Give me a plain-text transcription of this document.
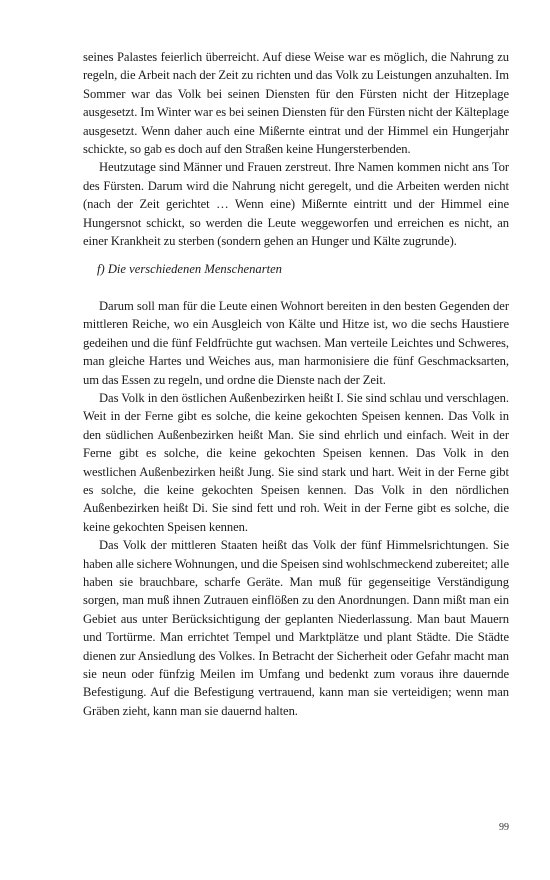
seines Palastes feierlich überreicht. Auf diese Weise war es möglich, die Nahrung zu regeln, die Arbeit nach der Zeit zu richten und das Volk zu Leistungen anzuhalten. Im Sommer war das Volk bei seinen Diensten für den Fürsten nicht der Hitzeplage ausgesetzt. Im Winter war es bei seinen Diensten für den Fürsten nicht der Kälteplage ausgesetzt. Wenn daher auch eine Mißernte eintrat und der Himmel ein Hungerjahr schickte, so gab es doch auf den Straßen keine Hungersterbenden.

Heutzutage sind Männer und Frauen zerstreut. Ihre Namen kommen nicht ans Tor des Fürsten. Darum wird die Nahrung nicht geregelt, und die Arbeiten werden nicht (nach der Zeit gerichtet … Wenn eine) Mißernte eintritt und der Himmel eine Hungersnot schickt, so werden die Leute weggeworfen und erreichen es nicht, an einer Krankheit zu sterben (sondern gehen an Hunger und Kälte zugrunde).

f) Die verschiedenen Menschenarten

Darum soll man für die Leute einen Wohnort bereiten in den besten Gegenden der mittleren Reiche, wo ein Ausgleich von Kälte und Hitze ist, wo die sechs Haustiere gedeihen und die fünf Feldfrüchte gut wachsen. Man verteile Leichtes und Schweres, man gleiche Hartes und Weiches aus, man harmonisiere die fünf Geschmacksarten, um das Essen zu regeln, und ordne die Dienste nach der Zeit.

Das Volk in den östlichen Außenbezirken heißt I. Sie sind schlau und verschlagen. Weit in der Ferne gibt es solche, die keine gekochten Speisen kennen. Das Volk in den südlichen Außenbezirken heißt Man. Sie sind ehrlich und einfach. Weit in der Ferne gibt es solche, die keine gekochten Speisen kennen. Das Volk in den westlichen Außenbezirken heißt Jung. Sie sind stark und hart. Weit in der Ferne gibt es solche, die keine gekochten Speisen kennen. Das Volk in den nördlichen Außenbezirken heißt Di. Sie sind fett und roh. Weit in der Ferne gibt es solche, die keine gekochten Speisen kennen.

Das Volk der mittleren Staaten heißt das Volk der fünf Himmelsrichtungen. Sie haben alle sichere Wohnungen, und die Speisen sind wohlschmeckend zubereitet; alle haben sie brauchbare, scharfe Geräte. Man muß für gegenseitige Verständigung sorgen, man muß ihnen Zutrauen einflößen zu den Anordnungen. Dann mißt man ein Gebiet aus unter Berücksichtigung der geplanten Niederlassung. Man baut Mauern und Tortürme. Man errichtet Tempel und Marktplätze und plant Städte. Die Städte dienen zur Ansiedlung des Volkes. In Betracht der Sicherheit oder Gefahr macht man sie neun oder fünfzig Meilen im Umfang und bedenkt zum voraus ihre dauernde Befestigung. Auf die Befestigung vertrauend, kann man sie verteidigen; wenn man Gräben zieht, kann man sie dauernd halten.

99
